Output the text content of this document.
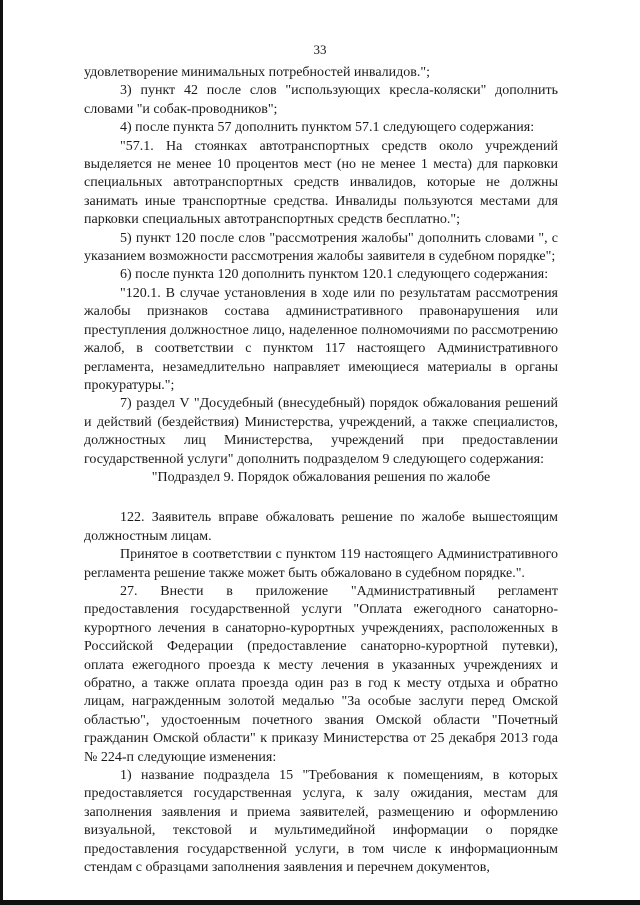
33

удовлетворение минимальных потребностей инвалидов.";

3) пункт 42 после слов "использующих кресла-коляски" дополнить словами "и собак-проводников";

4) после пункта 57 дополнить пунктом 57.1 следующего содержания:

"57.1. На стоянках автотранспортных средств около учреждений выделяется не менее 10 процентов мест (но не менее 1 места) для парковки специальных автотранспортных средств инвалидов, которые не должны занимать иные транспортные средства. Инвалиды пользуются местами для парковки специальных автотранспортных средств бесплатно.";

5) пункт 120 после слов "рассмотрения жалобы" дополнить словами ", с указанием возможности рассмотрения жалобы заявителя в судебном порядке";

6) после пункта 120 дополнить пунктом 120.1 следующего содержания:

"120.1. В случае установления в ходе или по результатам рассмотрения жалобы признаков состава административного правонарушения или преступления должностное лицо, наделенное полномочиями по рассмотрению жалоб, в соответствии с пунктом 117 настоящего Административного регламента, незамедлительно направляет имеющиеся материалы в органы прокуратуры.";

7) раздел V "Досудебный (внесудебный) порядок обжалования решений и действий (бездействия) Министерства, учреждений, а также специалистов, должностных лиц Министерства, учреждений при предоставлении государственной услуги" дополнить подразделом 9 следующего содержания:

"Подраздел 9. Порядок обжалования решения по жалобе

122. Заявитель вправе обжаловать решение по жалобе вышестоящим должностным лицам.

Принятое в соответствии с пунктом 119 настоящего Административного регламента решение также может быть обжаловано в судебном порядке.".

27. Внести в приложение "Административный регламент предоставления государственной услуги "Оплата ежегодного санаторно-курортного лечения в санаторно-курортных учреждениях, расположенных в Российской Федерации (предоставление санаторно-курортной путевки), оплата ежегодного проезда к месту лечения в указанных учреждениях и обратно, а также оплата проезда один раз в год к месту отдыха и обратно лицам, награжденным золотой медалью "За особые заслуги перед Омской областью", удостоенным почетного звания Омской области "Почетный гражданин Омской области" к приказу Министерства от 25 декабря 2013 года № 224-п следующие изменения:

1) название подраздела 15 "Требования к помещениям, в которых предоставляется государственная услуга, к залу ожидания, местам для заполнения заявления и приема заявителей, размещению и оформлению визуальной, текстовой и мультимедийной информации о порядке предоставления государственной услуги, в том числе к информационным стендам с образцами заполнения заявления и перечнем документов,
